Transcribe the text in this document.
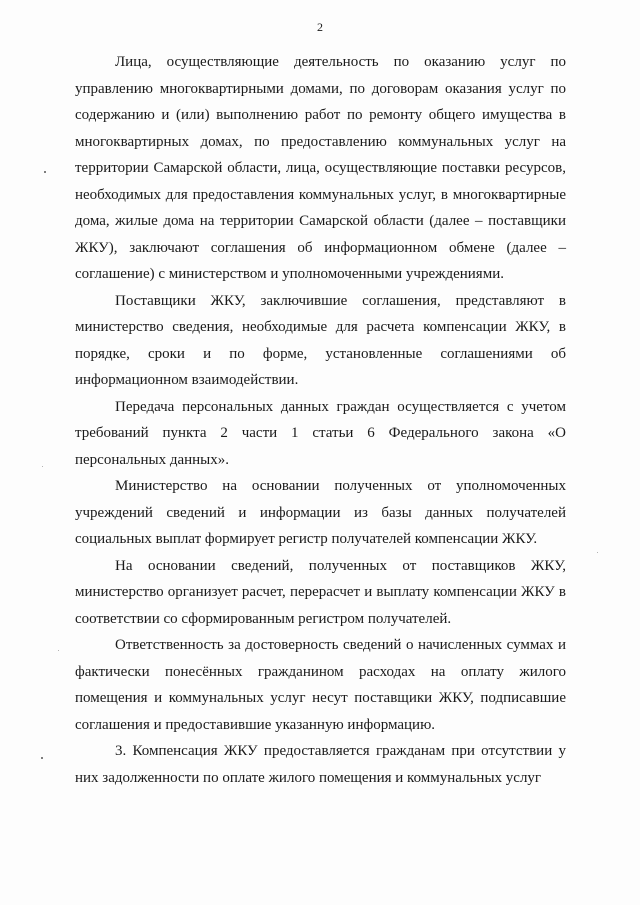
2

Лица, осуществляющие деятельность по оказанию услуг по управлению многоквартирными домами, по договорам оказания услуг по содержанию и (или) выполнению работ по ремонту общего имущества в многоквартирных домах, по предоставлению коммунальных услуг на территории Самарской области, лица, осуществляющие поставки ресурсов, необходимых для предоставления коммунальных услуг, в многоквартирные дома, жилые дома на территории Самарской области (далее – поставщики ЖКУ), заключают соглашения об информационном обмене (далее – соглашение) с министерством и уполномоченными учреждениями.

Поставщики ЖКУ, заключившие соглашения, представляют в министерство сведения, необходимые для расчета компенсации ЖКУ, в порядке, сроки и по форме, установленные соглашениями об информационном взаимодействии.

Передача персональных данных граждан осуществляется с учетом требований пункта 2 части 1 статьи 6 Федерального закона «О персональных данных».

Министерство на основании полученных от уполномоченных учреждений сведений и информации из базы данных получателей социальных выплат формирует регистр получателей компенсации ЖКУ.

На основании сведений, полученных от поставщиков ЖКУ, министерство организует расчет, перерасчет и выплату компенсации ЖКУ в соответствии со сформированным регистром получателей.

Ответственность за достоверность сведений о начисленных суммах и фактически понесённых гражданином расходах на оплату жилого помещения и коммунальных услуг несут поставщики ЖКУ, подписавшие соглашения и предоставившие указанную информацию.

3. Компенсация ЖКУ предоставляется гражданам при отсутствии у них задолженности по оплате жилого помещения и коммунальных услуг
